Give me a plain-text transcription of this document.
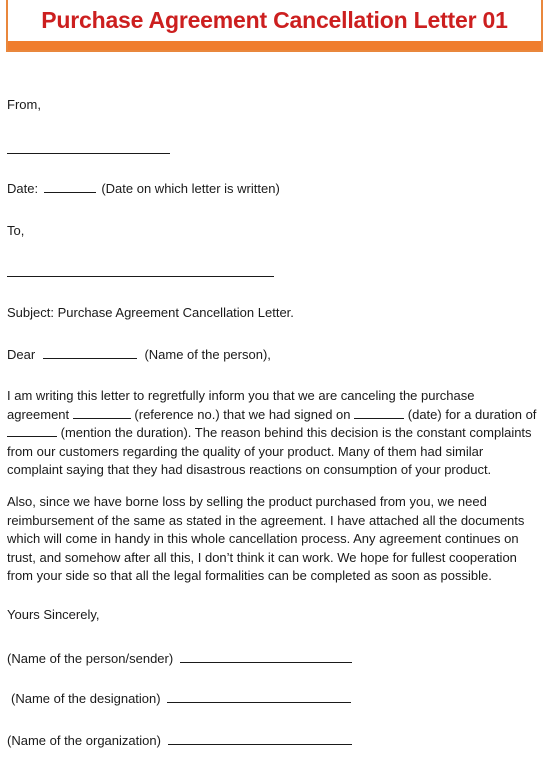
Purchase Agreement Cancellation Letter 01
From,
Date:	(Date on which letter is written)
To,
Subject: Purchase Agreement Cancellation Letter.
Dear	(Name of the person),

I am writing this letter to regretfully inform you that we are canceling the purchase agreement	(reference no.) that we had signed on	(date) for a duration of  (mention the duration). The reason behind this decision is the constant complaints from our customers regarding the quality of your product. Many of them had similar complaint saying that they had disastrous reactions on consumption of your product.

Also, since we have borne loss by selling the product purchased from you, we need reimbursement of the same as stated in the agreement. I have attached all the documents which will come in handy in this whole cancellation process. Any agreement continues on trust, and somehow after all this, I don’t think it can work. We hope for fullest cooperation from your side so that all the legal formalities can be completed as soon as possible.

Yours Sincerely,
(Name of the person/sender)
(Name of the designation)
(Name of the organization)
